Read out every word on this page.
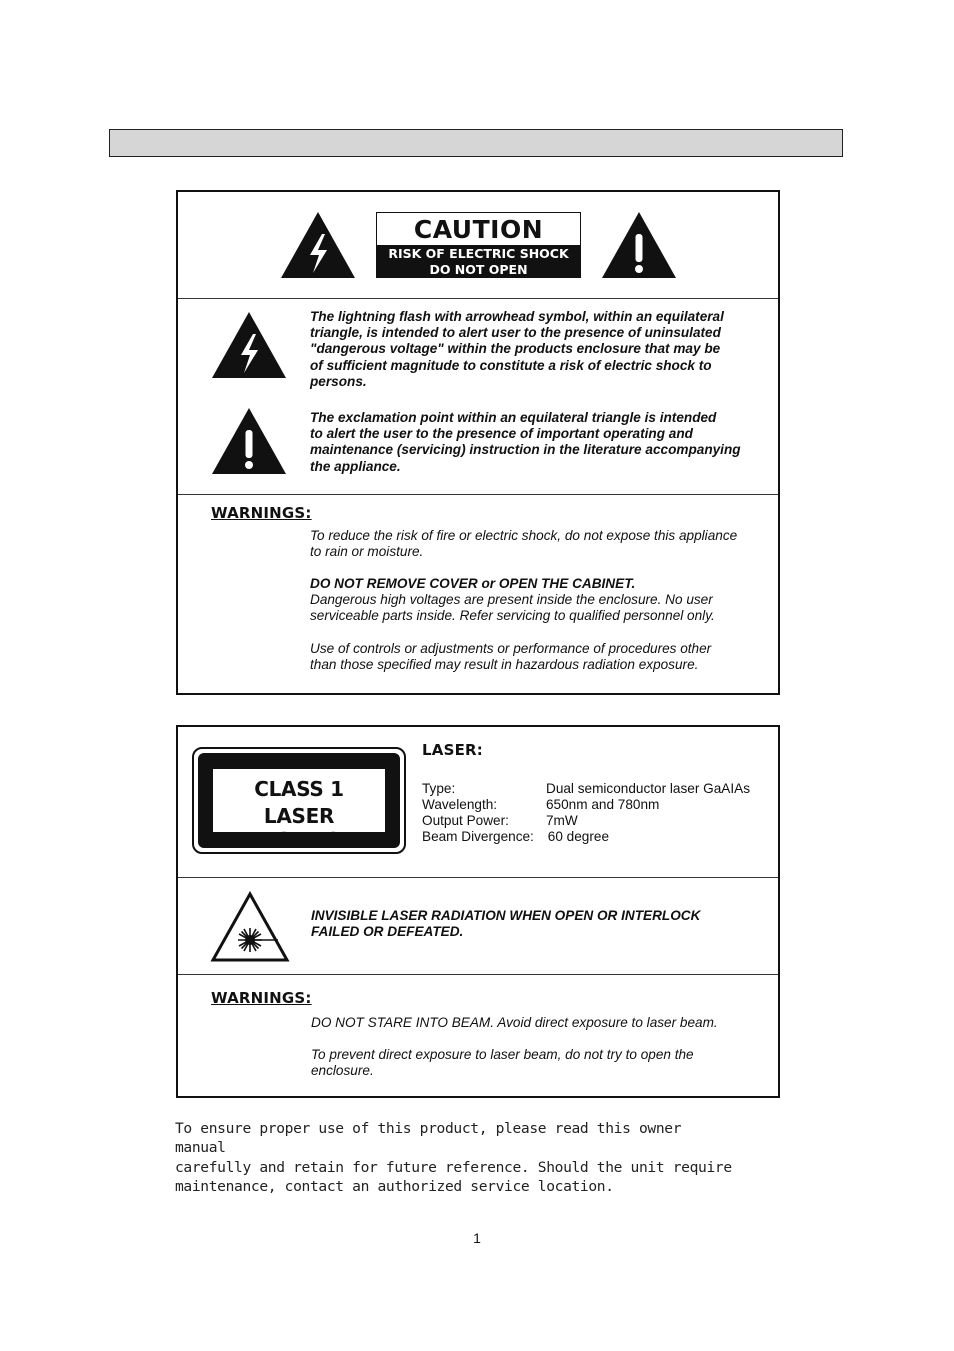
CAUTION
RISK OF ELECTRIC SHOCK
DO NOT OPEN
The lightning flash with arrowhead symbol, within an equilateral
triangle, is intended to alert user to the presence of uninsulated
"dangerous voltage" within the products enclosure that may be
of sufficient magnitude to constitute a risk of electric shock to
persons.
The exclamation point within an equilateral triangle is intended
to alert the user to the presence of important operating and
maintenance (servicing) instruction in the literature accompanying
the appliance.
WARNINGS:
To reduce the risk of fire or electric shock, do not expose this appliance
to rain or moisture.
DO NOT REMOVE COVER or OPEN THE CABINET.
Dangerous high voltages are present inside the enclosure. No user
serviceable parts inside. Refer servicing to qualified personnel only.
Use of controls or adjustments or performance of procedures other
than those specified may result in hazardous radiation exposure.
CLASS 1
LASER PRODUCT
LASER:
Type:	Dual semiconductor laser GaAIAs
Wavelength:	650nm and 780nm
Output Power:	7mW
Beam Divergence: 60 degree
INVISIBLE LASER RADIATION WHEN OPEN OR INTERLOCK
FAILED OR DEFEATED.
WARNINGS:
DO NOT STARE INTO BEAM. Avoid direct exposure to laser beam.
To prevent direct exposure to laser beam, do not try to open the
enclosure.
To ensure proper use of this product, please read this owner manual
carefully and retain for future reference. Should the unit require
maintenance, contact an authorized service location.
1
